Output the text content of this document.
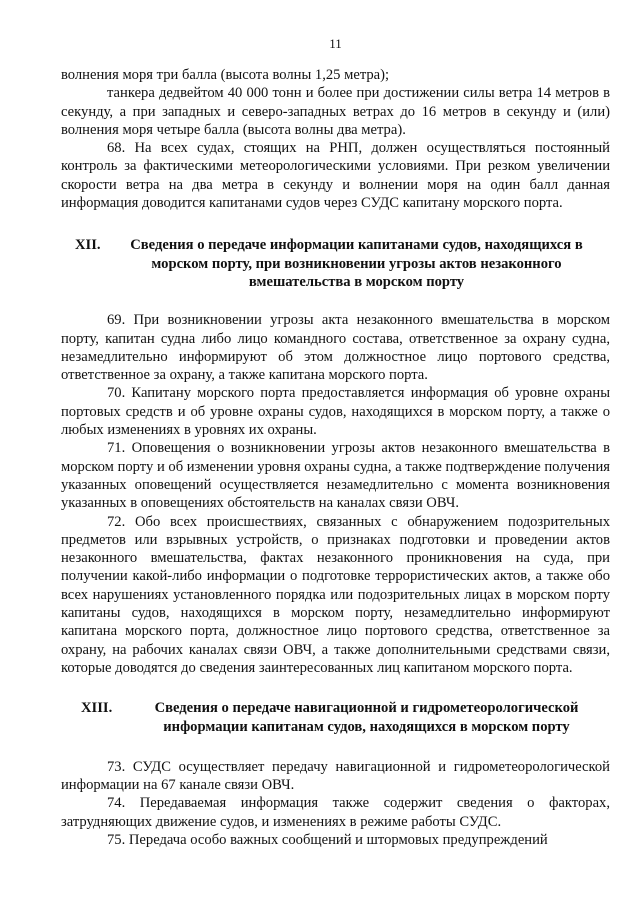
11

волнения моря три балла (высота волны 1,25 метра);

танкера дедвейтом 40 000 тонн и более при достижении силы ветра 14 метров в секунду, а при западных и северо-западных ветрах до 16 метров в секунду и (или) волнения моря четыре балла (высота волны два метра).

68. На всех судах, стоящих на РНП, должен осуществляться постоянный контроль за фактическими метеорологическими условиями. При резком увеличении скорости ветра на два метра в секунду и волнении моря на один балл данная информация доводится капитанами судов через СУДС капитану морского порта.

XII.	Сведения о передаче информации капитанами судов, находящихся в морском порту, при возникновении угрозы актов незаконного вмешательства в морском порту

69. При возникновении угрозы акта незаконного вмешательства в морском порту, капитан судна либо лицо командного состава, ответственное за охрану судна, незамедлительно информируют об этом должностное лицо портового средства, ответственное за охрану, а также капитана морского порта.

70. Капитану морского порта предоставляется информация об уровне охраны портовых средств и об уровне охраны судов, находящихся в морском порту, а также о любых изменениях в уровнях их охраны.

71. Оповещения о возникновении угрозы актов незаконного вмешательства в морском порту и об изменении уровня охраны судна, а также подтверждение получения указанных оповещений осуществляется незамедлительно с момента возникновения указанных в оповещениях обстоятельств на каналах связи ОВЧ.

72. Обо всех происшествиях, связанных с обнаружением подозрительных предметов или взрывных устройств, о признаках подготовки и проведении актов незаконного вмешательства, фактах незаконного проникновения на суда, при получении какой-либо информации о подготовке террористических актов, а также обо всех нарушениях установленного порядка или подозрительных лицах в морском порту капитаны судов, находящихся в морском порту, незамедлительно информируют капитана морского порта, должностное лицо портового средства, ответственное за охрану, на рабочих каналах связи ОВЧ, а также дополнительными средствами связи, которые доводятся до сведения заинтересованных лиц капитаном морского порта.

XIII.	Сведения о передаче навигационной и гидрометеорологической информации капитанам судов, находящихся в морском порту

73. СУДС осуществляет передачу навигационной и гидрометеорологической информации на 67 канале связи ОВЧ.

74. Передаваемая информация также содержит сведения о факторах, затрудняющих движение судов, и изменениях в режиме работы СУДС.

75. Передача особо важных сообщений и штормовых предупреждений
